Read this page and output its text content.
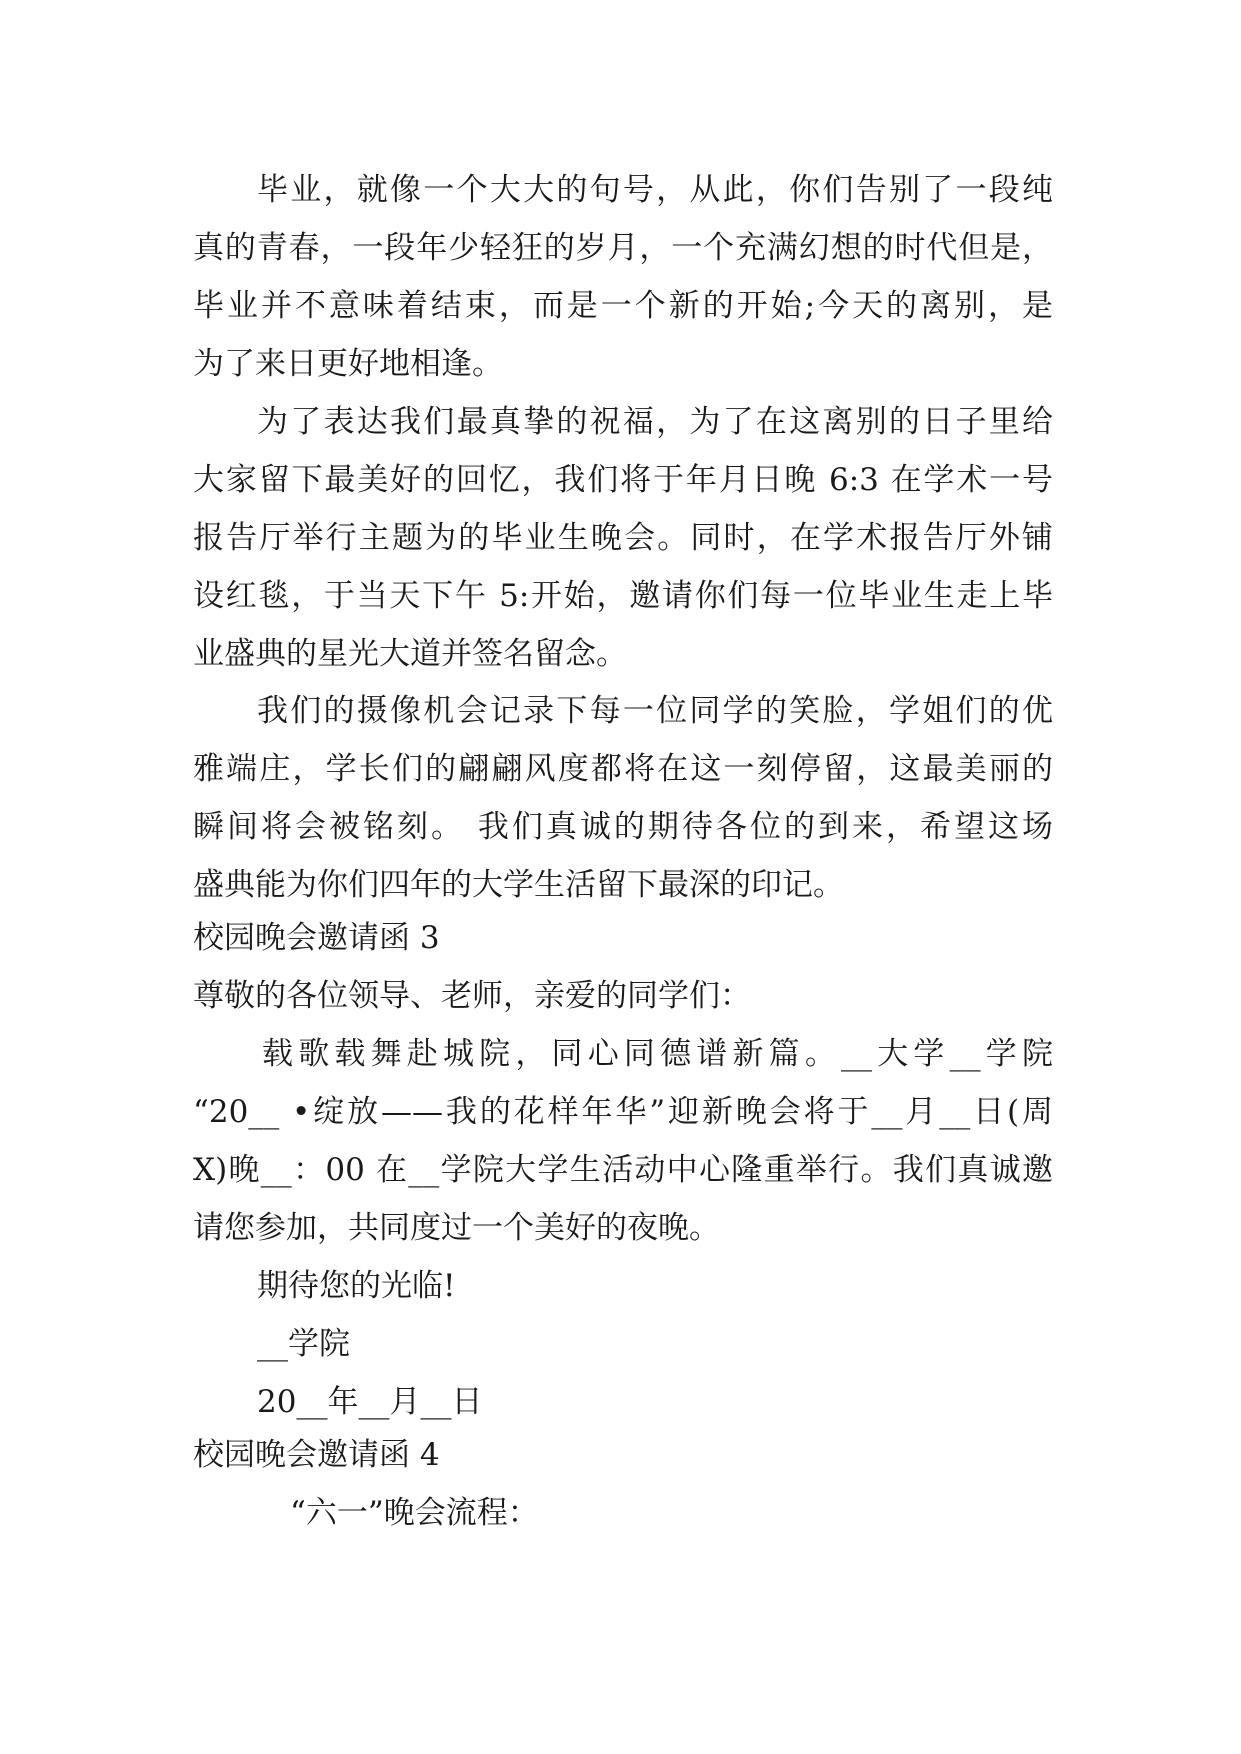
毕业，就像一个大大的句号，从此，你们告别了一段纯
真的青春，一段年少轻狂的岁月，一个充满幻想的时代但是，
毕业并不意味着结束，而是一个新的开始;今天的离别，是
为了来日更好地相逢。
为了表达我们最真挚的祝福，为了在这离别的日子里给
大家留下最美好的回忆，我们将于年月日晚 6:3 在学术一号
报告厅举行主题为的毕业生晚会。同时，在学术报告厅外铺
设红毯，于当天下午 5:开始，邀请你们每一位毕业生走上毕
业盛典的星光大道并签名留念。
我们的摄像机会记录下每一位同学的笑脸，学姐们的优
雅端庄，学长们的翩翩风度都将在这一刻停留，这最美丽的
瞬间将会被铭刻。 我们真诚的期待各位的到来，希望这场
盛典能为你们四年的大学生活留下最深的印记。
校园晚会邀请函 3
尊敬的各位领导、老师，亲爱的同学们：
载歌载舞赴城院，同心同德谱新篇。__大学__学院
“20__ •绽放——我的花样年华”迎新晚会将于__月__日(周
X)晚__：00 在__学院大学生活动中心隆重举行。我们真诚邀
请您参加，共同度过一个美好的夜晚。
期待您的光临!
__学院
20__年__月__日
校园晚会邀请函 4
“六一”晚会流程：
